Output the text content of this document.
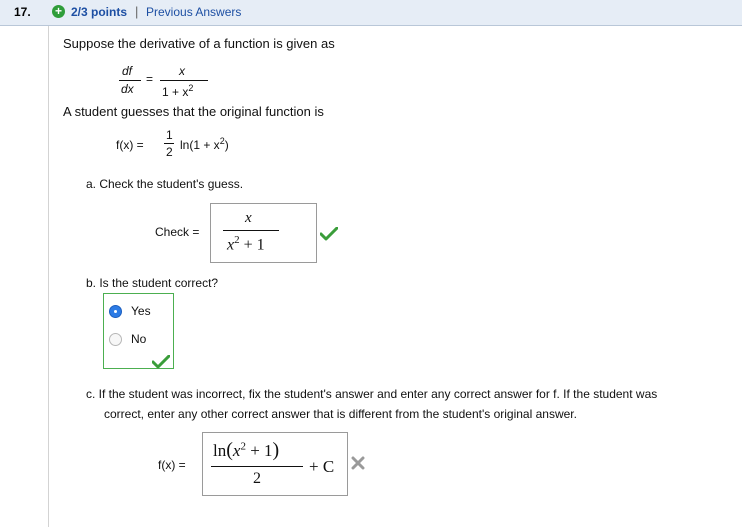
17. + 2/3 points | Previous Answers
Suppose the derivative of a function is given as
df
dx
=
x
$1 + x^2$
A student guesses that the original function is
f(x) =
1
2 $\ln(1 + x^2)$
a. Check the student's guess.
Check =
x
$x^2 + 1$
b. Is the student correct?
Yes
No
c. If the student was incorrect, fix the student's answer and enter any correct answer for f. If the student was
correct, enter any other correct answer that is different from the student's original answer.
f(x) =
$\ln(x^2 + 1)$
2
+ C
